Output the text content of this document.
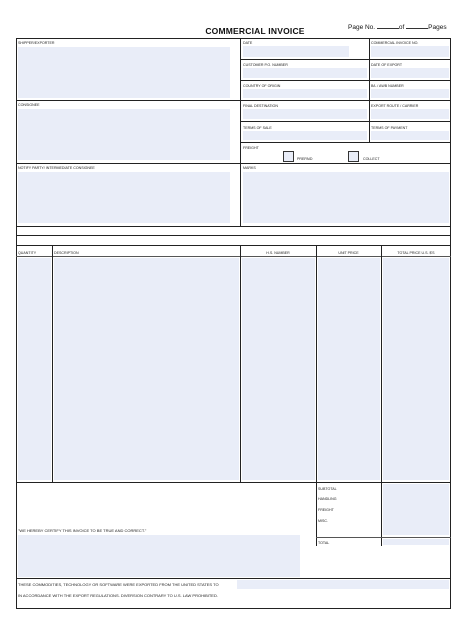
COMMERCIAL INVOICE	Page No.	of	Pages
SHIPPER/EXPORTER
CONSIGNEE
NOTIFY PARTY/ INTERMEDIATE CONSIGNEE
DATE	COMMERCIAL INVOICE NO.
CUSTOMER P.O. NUMBER	DATE OF EXPORT
COUNTRY OF ORIGIN	B/L / AWB NUMBER
FINAL DESTINATION	EXPORT ROUTE / CARRIER
TERMS OF SALE	TERMS OF PAYMENT
FREIGHT
PREPAID	COLLECT
MARKS
QUANTITY	DESCRIPTION	H.S. NUMBER	UNIT PRICE	TOTAL PRICE U.S. $'S
SUBTOTAL
HANDLING
FREIGHT
MISC.
TOTAL
"WE HEREBY CERTIFY THIS INVOICE TO BE TRUE AND CORRECT."
THESE COMMODITIES, TECHNOLOGY OR SOFTWARE WERE EXPORTED FROM THE UNITED STATES TO
IN ACCORDANCE WITH THE EXPORT REGULATIONS. DIVERSION CONTRARY TO U.S. LAW PROHIBITED.
